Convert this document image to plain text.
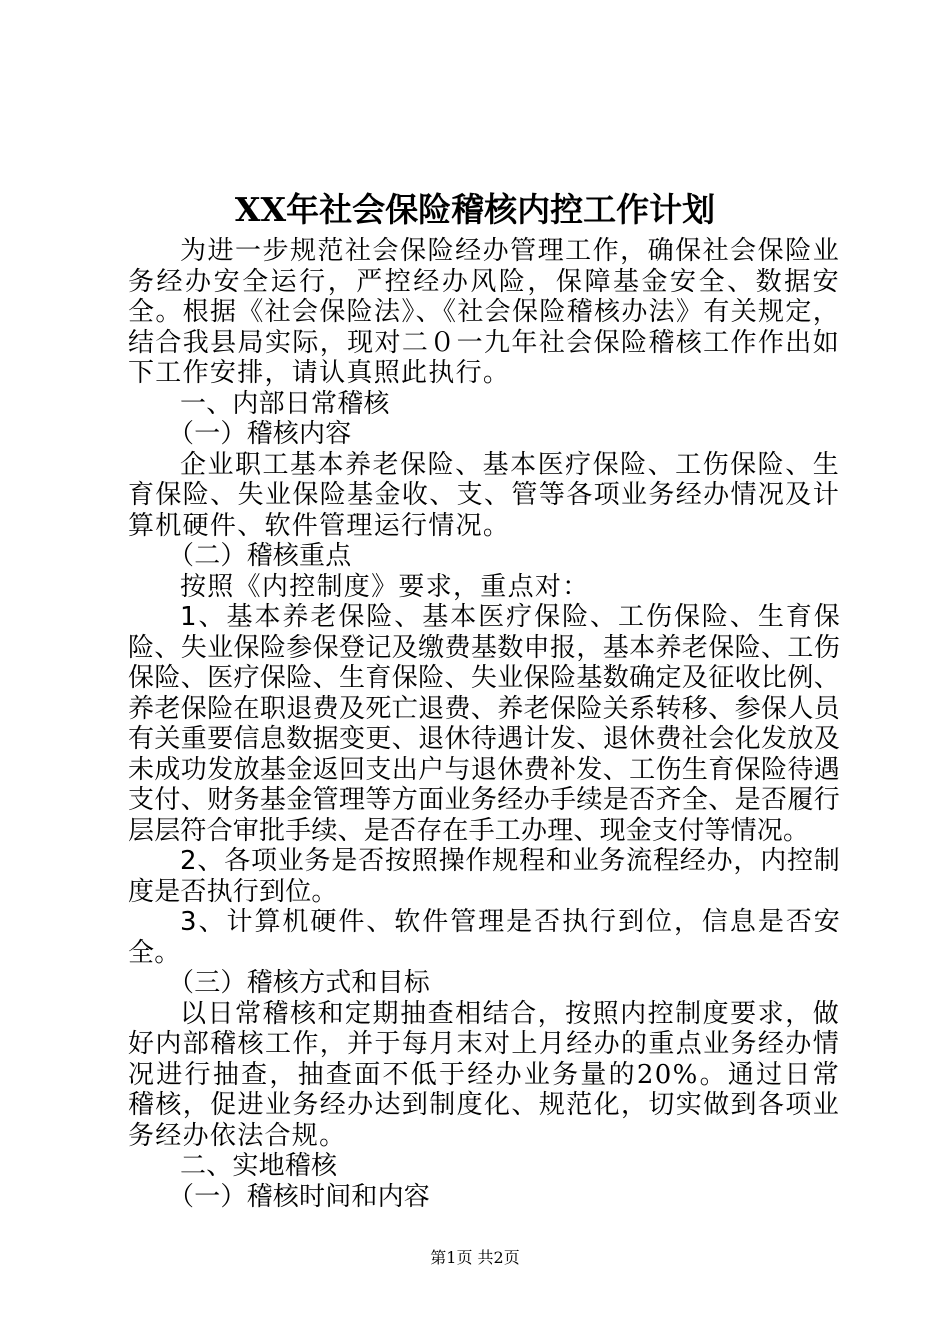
XX年社会保险稽核内控工作计划

为进一步规范社会保险经办管理工作，确保社会保险业务经办安全运行，严控经办风险，保障基金安全、数据安全。根据《社会保险法》、《社会保险稽核办法》有关规定，结合我县局实际，现对二０一九年社会保险稽核工作作出如下工作安排，请认真照此执行。

一、内部日常稽核

（一）稽核内容

企业职工基本养老保险、基本医疗保险、工伤保险、生育保险、失业保险基金收、支、管等各项业务经办情况及计算机硬件、软件管理运行情况。

（二）稽核重点

按照《内控制度》要求，重点对：

1、基本养老保险、基本医疗保险、工伤保险、生育保险、失业保险参保登记及缴费基数申报，基本养老保险、工伤保险、医疗保险、生育保险、失业保险基数确定及征收比例、养老保险在职退费及死亡退费、养老保险关系转移、参保人员有关重要信息数据变更、退休待遇计发、退休费社会化发放及未成功发放基金返回支出户与退休费补发、工伤生育保险待遇支付、财务基金管理等方面业务经办手续是否齐全、是否履行层层符合审批手续、是否存在手工办理、现金支付等情况。

2、各项业务是否按照操作规程和业务流程经办，内控制度是否执行到位。

3、计算机硬件、软件管理是否执行到位，信息是否安全。

（三）稽核方式和目标

以日常稽核和定期抽查相结合，按照内控制度要求，做好内部稽核工作，并于每月末对上月经办的重点业务经办情况进行抽查，抽查面不低于经办业务量的20%。通过日常稽核，促进业务经办达到制度化、规范化，切实做到各项业务经办依法合规。

二、实地稽核

（一）稽核时间和内容

第1页 共2页
